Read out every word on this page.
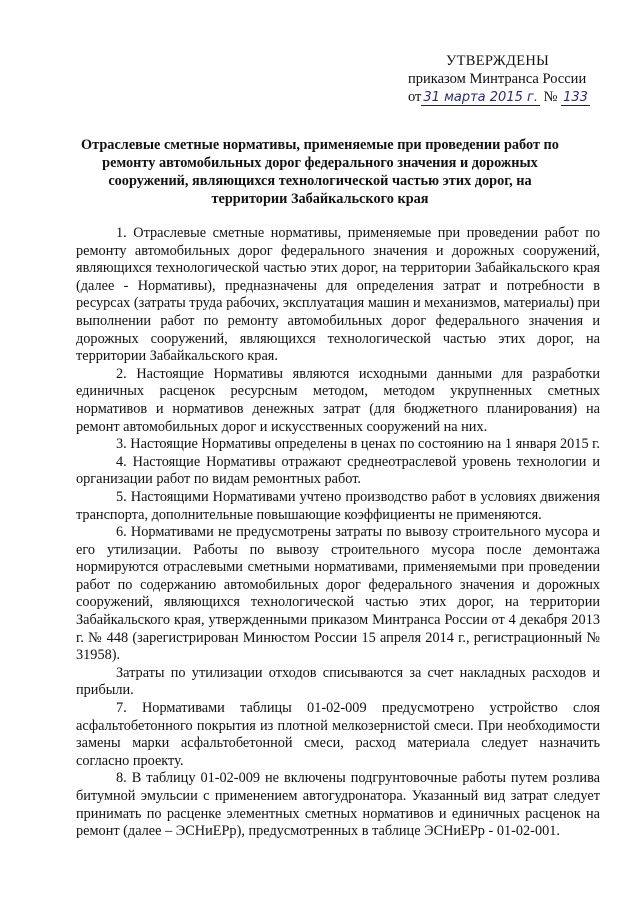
УТВЕРЖДЕНЫ
приказом Минтранса России
от 31 марта 2015 г. № 133
Отраслевые сметные нормативы, применяемые при проведении работ по ремонту автомобильных дорог федерального значения и дорожных сооружений, являющихся технологической частью этих дорог, на территории Забайкальского края

1. Отраслевые сметные нормативы, применяемые при проведении работ по ремонту автомобильных дорог федерального значения и дорожных сооружений, являющихся технологической частью этих дорог, на территории Забайкальского края (далее - Нормативы), предназначены для определения затрат и потребности в ресурсах (затраты труда рабочих, эксплуатация машин и механизмов, материалы) при выполнении работ по ремонту автомобильных дорог федерального значения и дорожных сооружений, являющихся технологической частью этих дорог, на территории Забайкальского края.

2. Настоящие Нормативы являются исходными данными для разработки единичных расценок ресурсным методом, методом укрупненных сметных нормативов и нормативов денежных затрат (для бюджетного планирования) на ремонт автомобильных дорог и искусственных сооружений на них.

3. Настоящие Нормативы определены в ценах по состоянию на 1 января 2015 г.

4. Настоящие Нормативы отражают среднеотраслевой уровень технологии и организации работ по видам ремонтных работ.

5. Настоящими Нормативами учтено производство работ в условиях движения транспорта, дополнительные повышающие коэффициенты не применяются.

6. Нормативами не предусмотрены затраты по вывозу строительного мусора и его утилизации. Работы по вывозу строительного мусора после демонтажа нормируются отраслевыми сметными нормативами, применяемыми при проведении работ по содержанию автомобильных дорог федерального значения и дорожных сооружений, являющихся технологической частью этих дорог, на территории Забайкальского края, утвержденными приказом Минтранса России от 4 декабря 2013 г. № 448 (зарегистрирован Минюстом России 15 апреля 2014 г., регистрационный № 31958).

Затраты по утилизации отходов списываются за счет накладных расходов и прибыли.

7. Нормативами таблицы 01-02-009 предусмотрено устройство слоя асфальтобетонного покрытия из плотной мелкозернистой смеси. При необходимости замены марки асфальтобетонной смеси, расход материала следует назначить согласно проекту.

8. В таблицу 01-02-009 не включены подгрунтовочные работы путем розлива битумной эмульсии с применением автогудронатора. Указанный вид затрат следует принимать по расценке элементных сметных нормативов и единичных расценок на ремонт (далее – ЭСНиЕРр), предусмотренных в таблице ЭСНиЕРр - 01-02-001.
